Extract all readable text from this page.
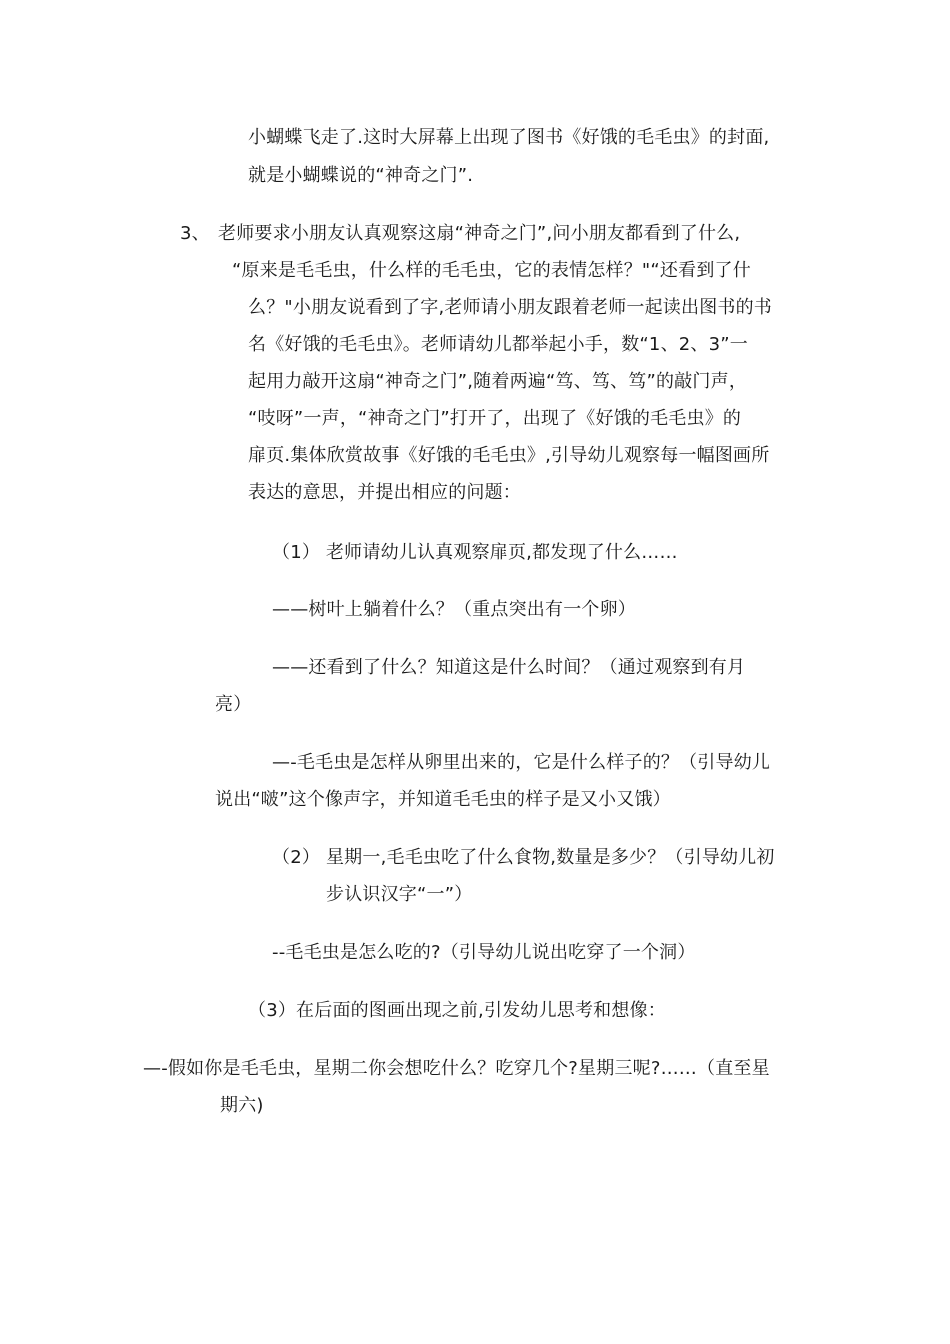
小蝴蝶飞走了.这时大屏幕上出现了图书《好饿的毛毛虫》的封面,
就是小蝴蝶说的“神奇之门”.
3、 老师要求小朋友认真观察这扇“神奇之门”,问小朋友都看到了什么,
“原来是毛毛虫，什么样的毛毛虫，它的表情怎样？"“还看到了什
么？"小朋友说看到了字,老师请小朋友跟着老师一起读出图书的书
名《好饿的毛毛虫》。老师请幼儿都举起小手，数“1、2、3”一
起用力敲开这扇“神奇之门”,随着两遍“笃、笃、笃”的敲门声，
“吱呀”一声，“神奇之门”打开了，出现了《好饿的毛毛虫》的
扉页.集体欣赏故事《好饿的毛毛虫》,引导幼儿观察每一幅图画所
表达的意思，并提出相应的问题：
（1） 老师请幼儿认真观察扉页,都发现了什么……
——树叶上躺着什么？（重点突出有一个卵）
——还看到了什么？知道这是什么时间？（通过观察到有月
亮）
—-毛毛虫是怎样从卵里出来的，它是什么样子的？（引导幼儿
说出“啵”这个像声字，并知道毛毛虫的样子是又小又饿）
（2） 星期一,毛毛虫吃了什么食物,数量是多少？（引导幼儿初
步认识汉字“一”）
--毛毛虫是怎么吃的?（引导幼儿说出吃穿了一个洞）
（3）在后面的图画出现之前,引发幼儿思考和想像：
—-假如你是毛毛虫，星期二你会想吃什么？吃穿几个?星期三呢?……（直至星
期六)
